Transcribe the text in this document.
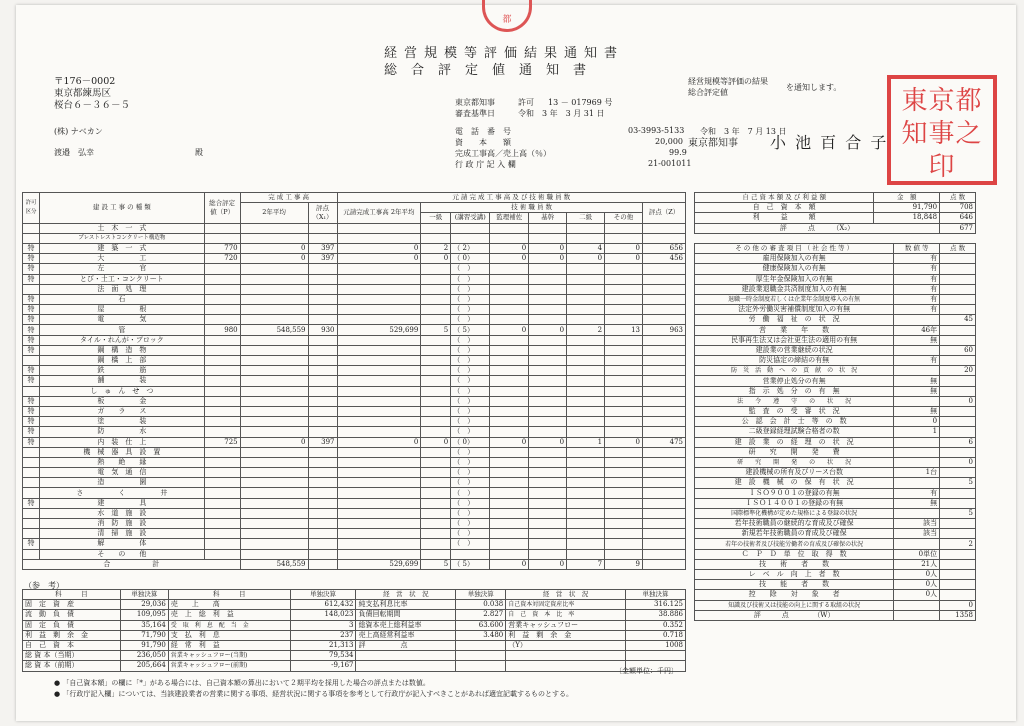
都
経営規模等評価結果通知書
総合評定値通知書
〒176－0002
東京都練馬区
桜台６－３６－５
(株) ナベカン
渡邉　弘幸	殿
東京都知事	許可 13 － 017969 号
審査基準日	令和　3 年　3 月 31 日
経営規模等評価の結果
総合評定値
を通知します。
電　話　番　号	03-3993-5133 令和　3 年　7 月 13 日
資　　本　　額	20,000 東京都知事 小 池 百 合 子
完成工事高／売上高（％）	99.9
行 政 庁 記 入 欄	21-001011
東京都知事之印
許可区分	建 設 工 事 の 種 類	総合評定値（P）	完 成 工 事 高		元 請 完 成 工 事 高 及 び 技 術 職 員 数							
			2年平均	評点（X₁）	元請完成工事高 2年平均	技 術 職 員 数						評点（Z）
						一級	(講習受講)	監理補佐	基幹	二級	その他	
	土　木　一　式											
	プレストレストコンクリート構造物											
特	建　築　一　式	770	0	397	0	2	（ 2）	0	0	4	0	656
特	大　　　　　工	720	0	397	0	0	（ 0）	0	0	0	0	456
特	左　　　　　官						（　）					
特	とび・土工・コンクリート						（　）					
	法　面　処　理						（　）					
特	石						（　）					
特	屋　　　　　根						（　）					
特	電　　　　　気						（　）					
特	管	980	548,559	930	529,699	5	（ 5）	0	0	2	13	963
特	タイル・れんが・ブロック						（　）					
特	鋼　構　造　物						（　）					
	鋼　橋　上　部						（　）					
特	鉄　　　　　筋						（　）					
特	舗　　　　　装						（　）					
	し　ゅ　ん　せ　つ						（　）					
特	板　　　　　金						（　）					
特	ガ　　ラ　　ス						（　）					
特	塗　　　　　装						（　）					
特	防　　　　　水						（　）					
特	内　装　仕　上	725	0	397	0	0	（ 0）	0	0	1	0	475
	機　械　器　具　設　置						（　）					
	熱　　絶　　縁						（　）					
	電　気　通　信						（　）					
	造　　　　　園						（　）					
	さ　　　　　く　　　　　井						（　）					
特	建　　　　　具						（　）					
	水　道　施　設						（　）					
	消　防　施　設						（　）					
	清　掃　施　設						（　）					
特	解　　　　　体						（　）					
	そ　　の　　他											
合　　　　　　計			548,559		529,699	5	（ 5）	0	0	7	9	
自 己 資 本 額 及 び 利 益 額	金　額	点 数
自　己　資　本　額	91,790	708
利　　　益　　　額	18,848	646
評　　　点　　　（X₂）		677
そ の 他 の 審 査 項 目 （ 社 会 性 等 ）	数 値 等	点 数
雇用保険加入の有無	有	
健康保険加入の有無	有	
厚生年金保険加入の有無	有	
建設業退職金共済制度加入の有無	有	
退職一時金制度若しくは企業年金制度導入の有無	有	
法定外労働災害補償制度加入の有無	有	
労　働　福　祉　の　状　況		45
営　　業　　年　　数	46年	
民事再生法又は会社更生法の適用の有無	無	
建設業の営業継続の状況		60
防災協定の締結の有無	有	
防　災　活　動　へ　の　貢　献　の　状　況		20
営業停止処分の有無	無	
指　示　処　分　の　有　無	無	
法　　令　　遵　　守　　の　　状　　況		0
監　査　の　受　審　状　況	無	
公　認　会　計　士　等　の　数	0	
二級登録経理試験合格者の数	1	
建　設　業　の　経　理　の　状　況		6
研　　究　　開　　発　　費		
研　　究　　開　　発　　の　　状　　況		0
建設機械の所有及びリース台数	1台	
建　設　機　械　の　保　有　状　況		5
ＩＳＯ９００１の登録の有無	有	
ＩＳＯ１４００１の登録の有無	無	
国際標準化機構が定めた規格による登録の状況		5
若年技術職員の継続的な育成及び確保	該当	
新規若年技術職員の育成及び確保	該当	
若年の技術者及び技能労働者の育成及び確保の状況		2
Ｃ　Ｐ　Ｄ　単　位　取　得　数	0単位	
技　　術　　者　　数	21人	
レ　ベ　ル　向　上　者　数	0人	
技　　能　　者　　数	0人	
控　　除　　対　　象　　者	0人	
知識及び技術又は技能の向上に関する取組の状況		0
評　　　点　　　　 （W）		1358
（参　考）
科　　　目	単独決算	科　　　目	単独決算	経　営　状　況	単独決算	経　営　状　況	単独決算
固　定　資　産	29,036	売　　上　　高	612,432	純支払利息比率	0.038	自己資本対固定資産比率	316.125
流　動　負　債	109,095	売　上　総　利　益	148,023	負債回転期間	2.827	自　己　資　本　比　率	38.886
固　定　負　債	35,164	受　取　利　息　配　当　金	3	総資本売上総利益率	63.600	営業キャッシュフロー	0.352
利　益　剰　余　金	71,790	支　払　利　息	237	売上高経常利益率	3.480	利　益　剰　余　金	0.718
自　己　資　本	91,790	経　常　利　益	21,313	評　　　　　点		（Y）	1008
総 資 本（当期）	236,050	営業キャッシュフロー(当期)	79,534				
総 資 本（前期）	205,664	営業キャッシュフロー(前期)	-9,167				
〔金額単位：千円〕
● 「自己資本額」の欄に「*」がある場合には、自己資本額の算出において２期平均を採用した場合の評点または数値。
● 「行政庁記入欄」については、当該建設業者の営業に関する事項、経営状況に関する事項を参考として行政庁が記入すべきことがあれば適宜記載するものとする。
